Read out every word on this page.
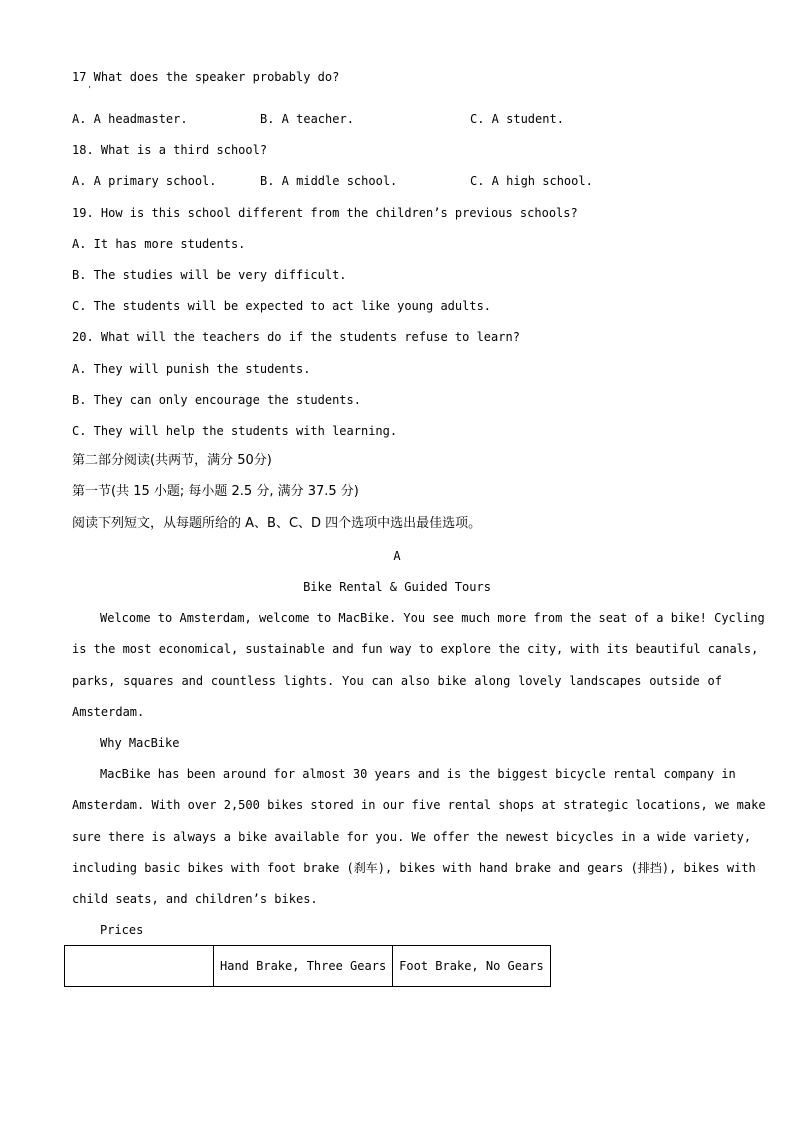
17 What does the speaker probably do?
'
A. A headmaster.	B. A teacher.	C. A student.
18. What is a third school?
A. A primary school.	B. A middle school.	C. A high school.
19. How is this school different from the children’s previous schools?
A. It has more students.
B. The studies will be very difficult.
C. The students will be expected to act like young adults.
20. What will the teachers do if the students refuse to learn?
A. They will punish the students.
B. They can only encourage the students.
C. They will help the students with learning.
第二部分阅读(共两节，满分 50分)
第一节(共 15 小题; 每小题 2.5 分, 满分 37.5 分)
阅读下列短文，从每题所给的 A、B、C、D 四个选项中选出最佳选项。
A
Bike Rental & Guided Tours
Welcome to Amsterdam, welcome to MacBike. You see much more from the seat of a bike! Cycling
is the most economical, sustainable and fun way to explore the city, with its beautiful canals,
parks, squares and countless lights. You can also bike along lovely landscapes outside of
Amsterdam.
Why MacBike
MacBike has been around for almost 30 years and is the biggest bicycle rental company in
Amsterdam. With over 2,500 bikes stored in our five rental shops at strategic locations, we make
sure there is always a bike available for you. We offer the newest bicycles in a wide variety,
including basic bikes with foot brake (刹车), bikes with hand brake and gears (排挡), bikes with
child seats, and children’s bikes.
Prices
	Hand Brake, Three Gears	Foot Brake, No Gears
